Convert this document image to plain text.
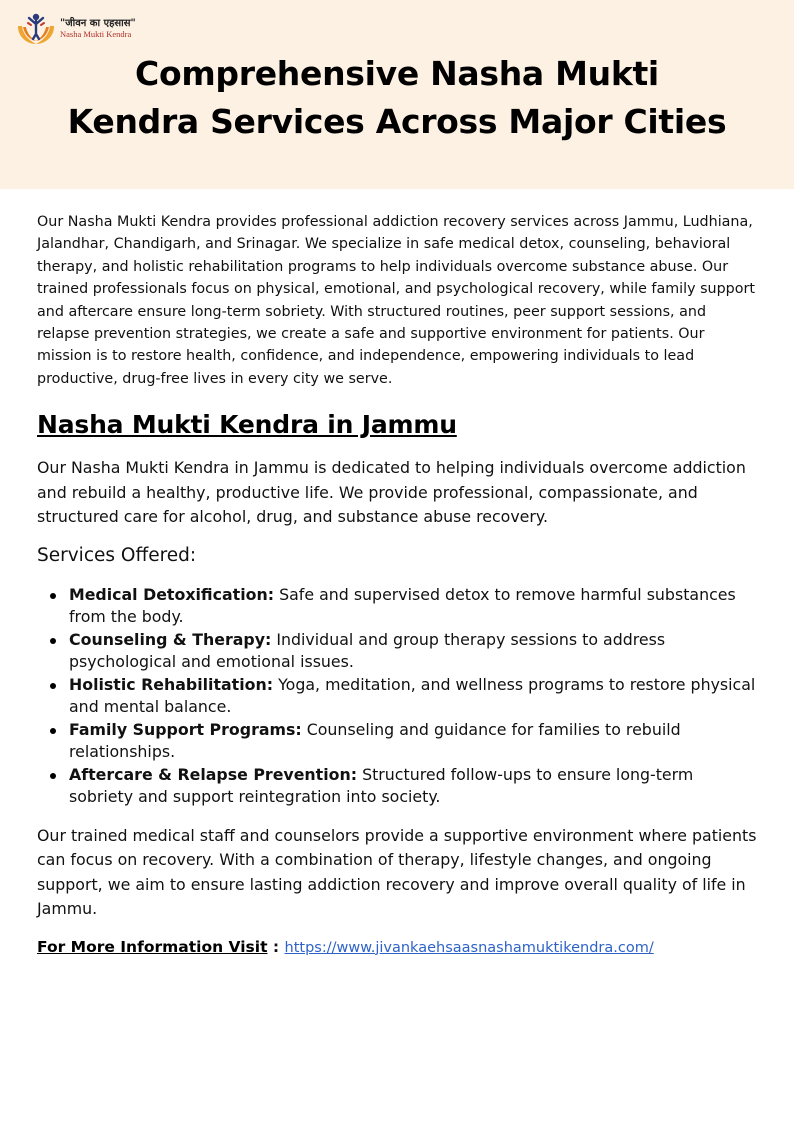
"जीवन का एहसास"
Nasha Mukti Kendra
Comprehensive Nasha Mukti
Kendra Services Across Major Cities

Our Nasha Mukti Kendra provides professional addiction recovery services across Jammu, Ludhiana, Jalandhar, Chandigarh, and Srinagar. We specialize in safe medical detox, counseling, behavioral therapy, and holistic rehabilitation programs to help individuals overcome substance abuse. Our trained professionals focus on physical, emotional, and psychological recovery, while family support and aftercare ensure long-term sobriety. With structured routines, peer support sessions, and relapse prevention strategies, we create a safe and supportive environment for patients. Our mission is to restore health, confidence, and independence, empowering individuals to lead productive, drug-free lives in every city we serve.

Nasha Mukti Kendra in Jammu

Our Nasha Mukti Kendra in Jammu is dedicated to helping individuals overcome addiction and rebuild a healthy, productive life. We provide professional, compassionate, and structured care for alcohol, drug, and substance abuse recovery.

Services Offered:

Medical Detoxification: Safe and supervised detox to remove harmful substances from the body.
Counseling & Therapy: Individual and group therapy sessions to address psychological and emotional issues.
Holistic Rehabilitation: Yoga, meditation, and wellness programs to restore physical and mental balance.
Family Support Programs: Counseling and guidance for families to rebuild relationships.
Aftercare & Relapse Prevention: Structured follow-ups to ensure long-term sobriety and support reintegration into society.

Our trained medical staff and counselors provide a supportive environment where patients can focus on recovery. With a combination of therapy, lifestyle changes, and ongoing support, we aim to ensure lasting addiction recovery and improve overall quality of life in Jammu.

For More Information Visit : https://www.jivankaehsaasnashamuktikendra.com/
